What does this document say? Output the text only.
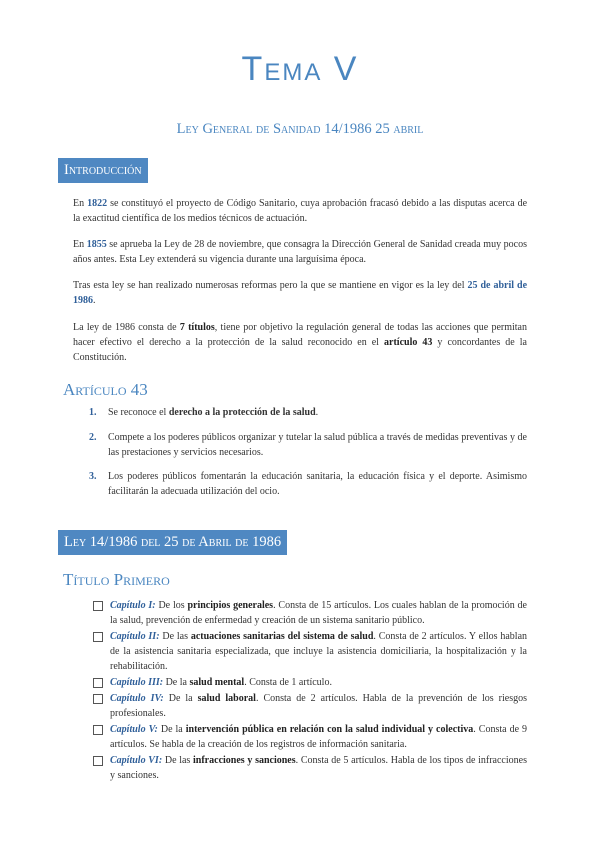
Tema V
Ley General de Sanidad 14/1986 25 abril
Introducción

En 1822 se constituyó el proyecto de Código Sanitario, cuya aprobación fracasó debido a las disputas acerca de la exactitud científica de los medios técnicos de actuación.

En 1855 se aprueba la Ley de 28 de noviembre, que consagra la Dirección General de Sanidad creada muy pocos años antes. Esta Ley extenderá su vigencia durante una larguísima época.

Tras esta ley se han realizado numerosas reformas pero la que se mantiene en vigor es la ley del 25 de abril de 1986.

La ley de 1986 consta de 7 títulos, tiene por objetivo la regulación general de todas las acciones que permitan hacer efectivo el derecho a la protección de la salud reconocido en el artículo 43 y concordantes de la Constitución.

Artículo 43
1. Se reconoce el derecho a la protección de la salud.
2. Compete a los poderes públicos organizar y tutelar la salud pública a través de medidas preventivas y de las prestaciones y servicios necesarios.
3. Los poderes públicos fomentarán la educación sanitaria, la educación física y el deporte. Asimismo facilitarán la adecuada utilización del ocio.
Ley 14/1986 del 25 de Abril de 1986
Título Primero
Capítulo I: De los principios generales. Consta de 15 artículos. Los cuales hablan de la promoción de la salud, prevención de enfermedad y creación de un sistema sanitario público.
Capítulo II: De las actuaciones sanitarias del sistema de salud. Consta de 2 artículos. Y ellos hablan de la asistencia sanitaria especializada, que incluye la asistencia domiciliaria, la hospitalización y la rehabilitación.
Capítulo III: De la salud mental. Consta de 1 artículo.
Capítulo IV: De la salud laboral. Consta de 2 artículos. Habla de la prevención de los riesgos profesionales.
Capítulo V: De la intervención pública en relación con la salud individual y colectiva. Consta de 9 artículos. Se habla de la creación de los registros de información sanitaria.
Capítulo VI: De las infracciones y sanciones. Consta de 5 artículos. Habla de los tipos de infracciones y sanciones.
